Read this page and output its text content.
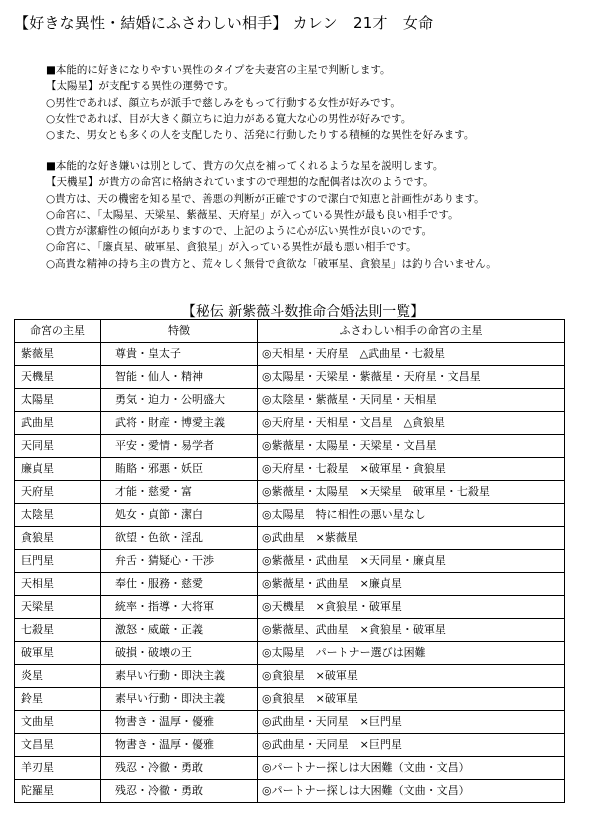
【好きな異性・結婚にふさわしい相手】 カレン　21才　女命
■本能的に好きになりやすい異性のタイプを夫妻宮の主星で判断します。
【太陽星】が支配する異性の運勢です。
○男性であれば、顔立ちが派手で慈しみをもって行動する女性が好みです。
○女性であれば、目が大きく顔立ちに迫力がある寛大な心の男性が好みです。
○また、男女とも多くの人を支配したり、活発に行動したりする積極的な異性を好みます。
■本能的な好き嫌いは別として、貴方の欠点を補ってくれるような星を説明します。
【天機星】が貴方の命宮に格納されていますので理想的な配偶者は次のようです。
○貴方は、天の機密を知る星で、善悪の判断が正確ですので潔白で知恵と計画性があります。
○命宮に、「太陽星、天梁星、紫薇星、天府星」が入っている異性が最も良い相手です。
○貴方が潔癖性の傾向がありますので、上記のように心が広い異性が良いのです。
○命宮に、「廉貞星、破軍星、貪狼星」が入っている異性が最も悪い相手です。
○高貴な精神の持ち主の貴方と、荒々しく無骨で貪欲な「破軍星、貪狼星」は釣り合いません。
【秘伝 新紫薇斗数推命合婚法則一覧】
命宮の主星	特徴	ふさわしい相手の命宮の主星
紫薇星	尊貴・皇太子	◎天相星・天府星　△武曲星・七殺星
天機星	智能・仙人・精神	◎太陽星・天梁星・紫薇星・天府星・文昌星
太陽星	勇気・迫力・公明盛大	◎太陰星・紫薇星・天同星・天相星
武曲星	武将・財産・博愛主義	◎天府星・天相星・文昌星　△貪狼星
天同星	平安・愛情・易学者	◎紫薇星・太陽星・天梁星・文昌星
廉貞星	賄賂・邪悪・妖臣	◎天府星・七殺星　×破軍星・貪狼星
天府星	才能・慈愛・富	◎紫薇星・太陽星　×天梁星　破軍星・七殺星
太陰星	処女・貞節・潔白	◎太陽星　特に相性の悪い星なし
貪狼星	欲望・色欲・淫乱	◎武曲星　×紫薇星
巨門星	弁舌・猜疑心・干渉	◎紫薇星・武曲星　×天同星・廉貞星
天相星	奉仕・服務・慈愛	◎紫薇星・武曲星　×廉貞星
天梁星	統率・指導・大将軍	◎天機星　×貪狼星・破軍星
七殺星	激怒・威厳・正義	◎紫薇星、武曲星　×貪狼星・破軍星
破軍星	破損・破壊の王	◎太陽星　パートナー選びは困難
炎星	素早い行動・即決主義	◎貪狼星　×破軍星
鈴星	素早い行動・即決主義	◎貪狼星　×破軍星
文曲星	物書き・温厚・優雅	◎武曲星・天同星　×巨門星
文昌星	物書き・温厚・優雅	◎武曲星・天同星　×巨門星
羊刃星	残忍・冷徹・勇敢	◎パートナー探しは大困難（文曲・文昌）
陀羅星	残忍・冷徹・勇敢	◎パートナー探しは大困難（文曲・文昌）
